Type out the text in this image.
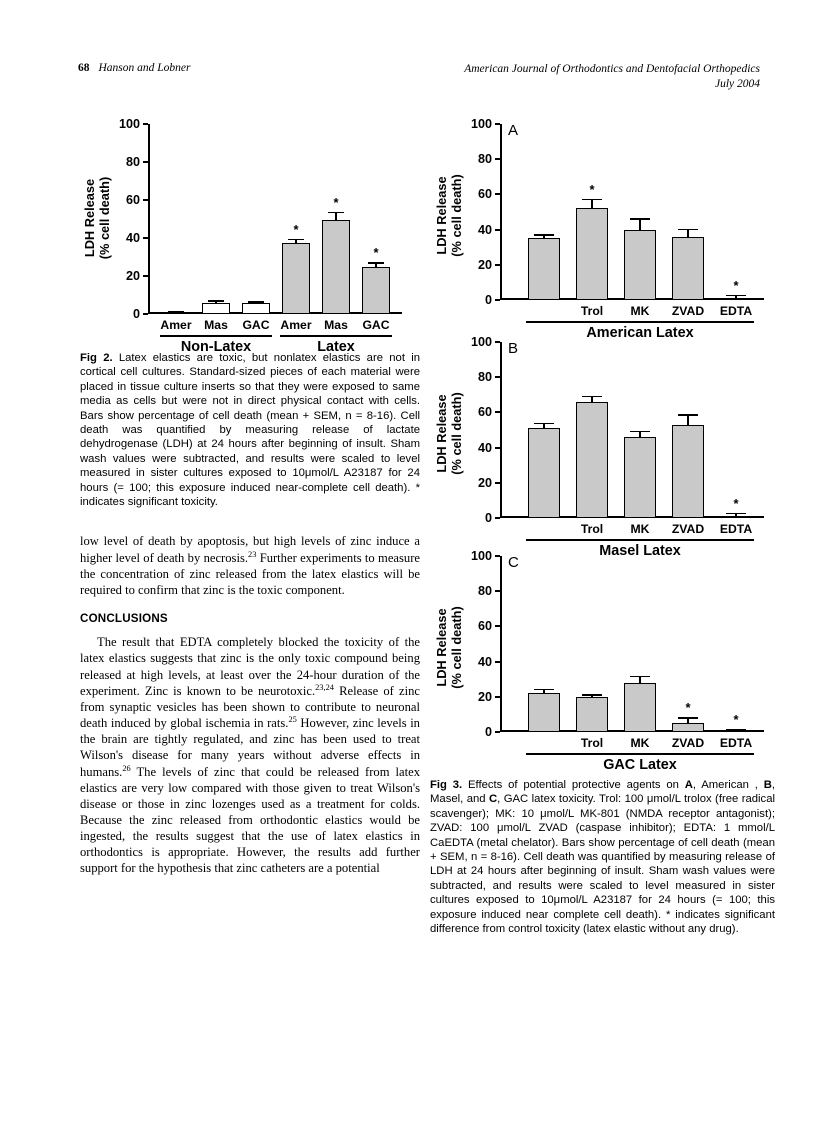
68 Hanson and Lobner	American Journal of Orthodontics and Dentofacial Orthopedics
July 2004
LDH Release
(% cell death)
0
20
40
60
80
100
Amer Mas GAC
*
Amer
*
Mas
*
GAC
Non-Latex	Latex
Fig 2. Latex elastics are toxic, but nonlatex elastics are not in cortical cell cultures. Standard-sized pieces of each material were placed in tissue culture inserts so that they were exposed to same media as cells but were not in direct physical contact with cells. Bars show percentage of cell death (mean + SEM, n = 8-16). Cell death was quantified by measuring release of lactate dehydrogenase (LDH) at 24 hours after beginning of insult. Sham wash values were subtracted, and results were scaled to level measured in sister cultures exposed to 10μmol/L A23187 for 24 hours (= 100; this exposure induced near-complete cell death). * indicates significant toxicity.

low level of death by apoptosis, but high levels of zinc induce a higher level of death by necrosis.$^{23}$ Further experiments to measure the concentration of zinc released from the latex elastics will be required to confirm that zinc is the toxic component.

CONCLUSIONS

The result that EDTA completely blocked the toxicity of the latex elastics suggests that zinc is the only toxic compound being released at high levels, at least over the 24-hour duration of the experiment. Zinc is known to be neurotoxic.$^{23,24}$ Release of zinc from synaptic vesicles has been shown to contribute to neuronal death induced by global ischemia in rats.$^{25}$ However, zinc levels in the brain are tightly regulated, and zinc has been used to treat Wilson's disease for many years without adverse effects in humans.$^{26}$ The levels of zinc that could be released from latex elastics are very low compared with those given to treat Wilson's disease or those in zinc lozenges used as a treatment for colds. Because the zinc released from orthodontic elastics would be ingested, the results suggest that the use of latex elastics in orthodontics is appropriate. However, the results add further support for the hypothesis that zinc catheters are a potential

LDH Release
(% cell death)
A
0
20
40
60
80
100
*
Trol MK ZVAD
*
EDTA
American Latex
LDH Release
(% cell death)
B
0
20
40
60
80
100
Trol MK ZVAD
*
EDTA
Masel Latex
LDH Release
(% cell death)
C
0
20
40
60
80
100
Trol MK
*
ZVAD
*
EDTA
GAC Latex
Fig 3. Effects of potential protective agents on A, American , B, Masel, and C, GAC latex toxicity. Trol: 100 μmol/L trolox (free radical scavenger); MK: 10 μmol/L MK-801 (NMDA receptor antagonist); ZVAD: 100 μmol/L ZVAD (caspase inhibitor); EDTA: 1 mmol/L CaEDTA (metal chelator). Bars show percentage of cell death (mean + SEM, n = 8-16). Cell death was quantified by measuring release of LDH at 24 hours after beginning of insult. Sham wash values were subtracted, and results were scaled to level measured in sister cultures exposed to 10μmol/L A23187 for 24 hours (= 100; this exposure induced near complete cell death). * indicates significant difference from control toxicity (latex elastic without any drug).
